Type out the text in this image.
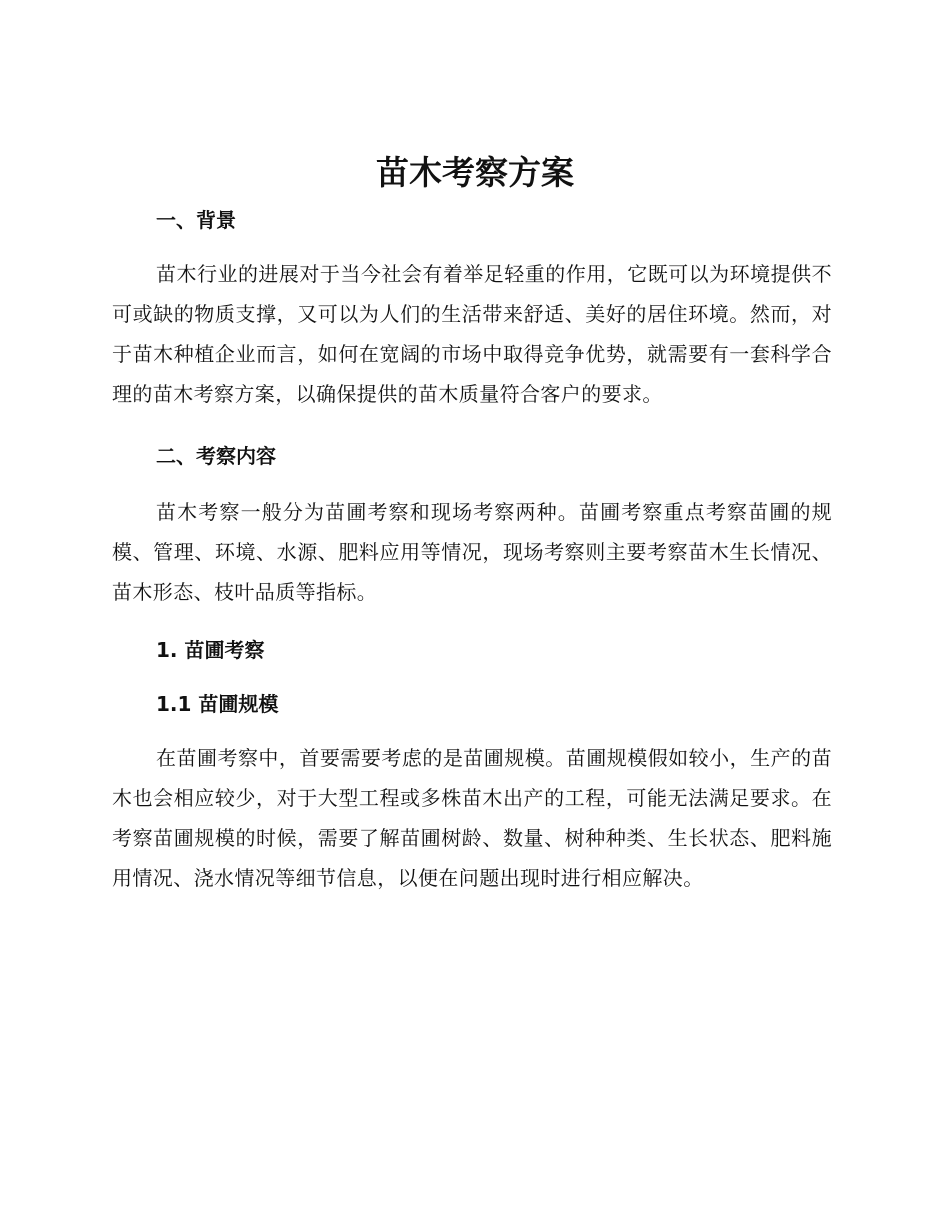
苗木考察方案
一、背景

苗木行业的进展对于当今社会有着举足轻重的作用，它既可以为环境提供不可或缺的物质支撑，又可以为人们的生活带来舒适、美好的居住环境。然而，对于苗木种植企业而言，如何在宽阔的市场中取得竞争优势，就需要有一套科学合理的苗木考察方案，以确保提供的苗木质量符合客户的要求。

二、考察内容

苗木考察一般分为苗圃考察和现场考察两种。苗圃考察重点考察苗圃的规模、管理、环境、水源、肥料应用等情况，现场考察则主要考察苗木生长情况、苗木形态、枝叶品质等指标。

1. 苗圃考察
1.1 苗圃规模

在苗圃考察中，首要需要考虑的是苗圃规模。苗圃规模假如较小，生产的苗木也会相应较少，对于大型工程或多株苗木出产的工程，可能无法满足要求。在考察苗圃规模的时候，需要了解苗圃树龄、数量、树种种类、生长状态、肥料施用情况、浇水情况等细节信息，以便在问题出现时进行相应解决。
